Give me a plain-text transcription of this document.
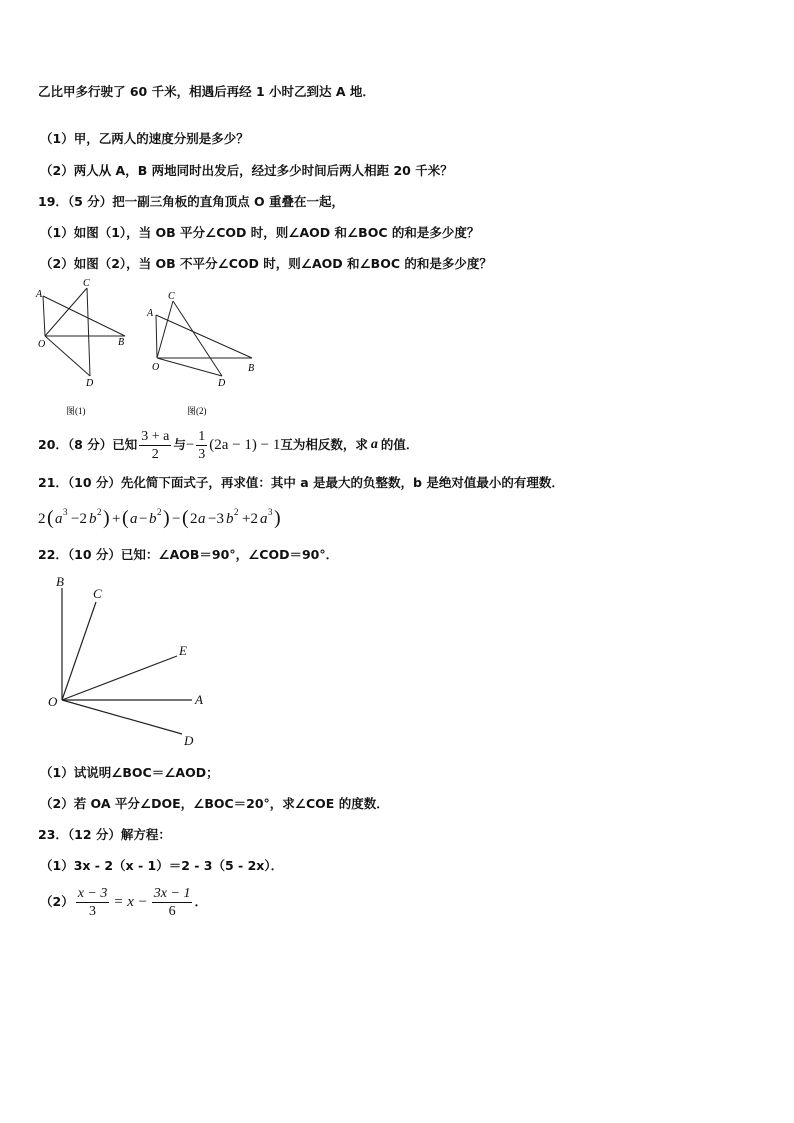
乙比甲多行驶了 60 千米，相遇后再经 1 小时乙到达 A 地．
（1）甲，乙两人的速度分别是多少？
（2）两人从 A，B 两地同时出发后，经过多少时间后两人相距 20 千米？
19．（5 分）把一副三角板的直角顶点 O 重叠在一起，
（1）如图（1），当 OB 平分∠COD 时，则∠AOD 和∠BOC 的和是多少度？
（2）如图（2），当 OB 不平分∠COD 时，则∠AOD 和∠BOC 的和是多少度？
A
C
O	B
D
图(1)
C
A
O	B
D
图(2)
20．（8 分）已知 $\frac{3 + a}{2}$ 与 − $\frac{1}{3} (2a - 1) - 1$ 互为相反数，求 a 的值．
21．（10 分）先化简下面式子，再求值：其中 a 是最大的负整数，b 是绝对值最小的有理数．
2 ( a 3 −2 b 2 ) + ( a − b 2 ) − ( 2 a −3 b 2 +2 a 3 )
22．（10 分）已知：∠AOB＝90°，∠COD＝90°．
B
C
E
O	A
D
（1）试说明∠BOC＝∠AOD；
（2）若 OA 平分∠DOE，∠BOC＝20°，求∠COE 的度数．
23．（12 分）解方程：
（1）3x - 2（x - 1）＝2 - 3（5 - 2x）．
$(2) \frac{x - 3}{3} = x - \frac{3x - 1}{6}$ ．
